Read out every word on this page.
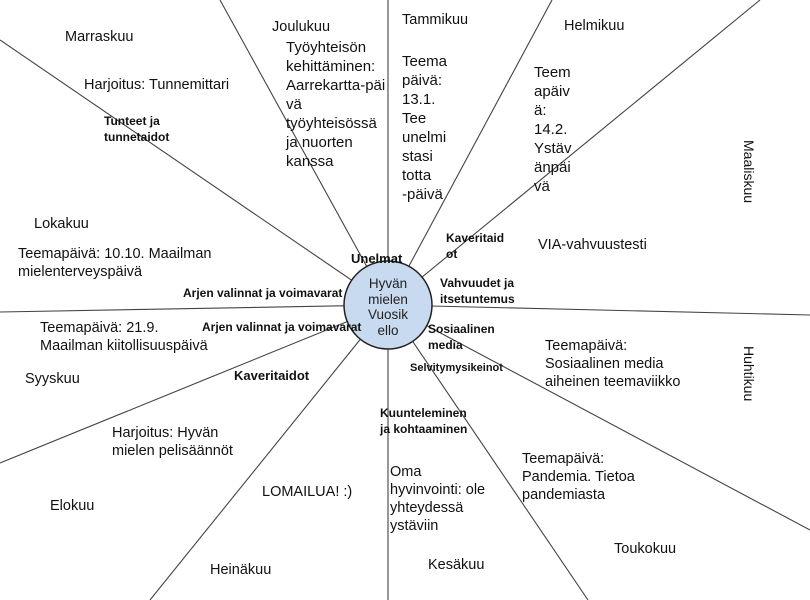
Hyvän
mielen
Vuosik
ello
Tammikuu	Helmikuu
Maaliskuu
Huhtikuu
Toukokuu
Kesäkuu
Heinäkuu
Elokuu
Syyskuu
Lokakuu
Marraskuu
Joulukuu
Teema
päivä:
13.1.
Tee
unelmi
stasi
totta
-päivä
Teem
apäiv
ä:
14.2.
Ystäv
änpäi
vä
VIA-vahvuustesti
Teemapäivä:
Sosiaalinen media
aiheinen teemaviikko
Teemapäivä:
Pandemia. Tietoa
pandemiasta
Oma
hyvinvointi: ole
yhteydessä
ystäviin
LOMAILUA! :)
Harjoitus: Hyvän
mielen pelisäännöt
Teemapäivä: 21.9.
Maailman kiitollisuuspäivä
Teemapäivä: 10.10. Maailman
mielenterveyspäivä
Harjoitus: Tunnemittari
Työyhteisön
kehittäminen:
Aarrekartta-päi
vä
työyhteisössä
ja nuorten
kanssa
Unelmat
Kaveritaid
ot
Vahvuudet ja
itsetuntemus
Sosiaalinen
media
Selvitymysikeinot
Kuunteleminen
ja kohtaaminen
Kaveritaidot
Arjen valinnat ja voimavarat
Arjen valinnat ja voimavarat
Tunteet ja
tunnetaidot
